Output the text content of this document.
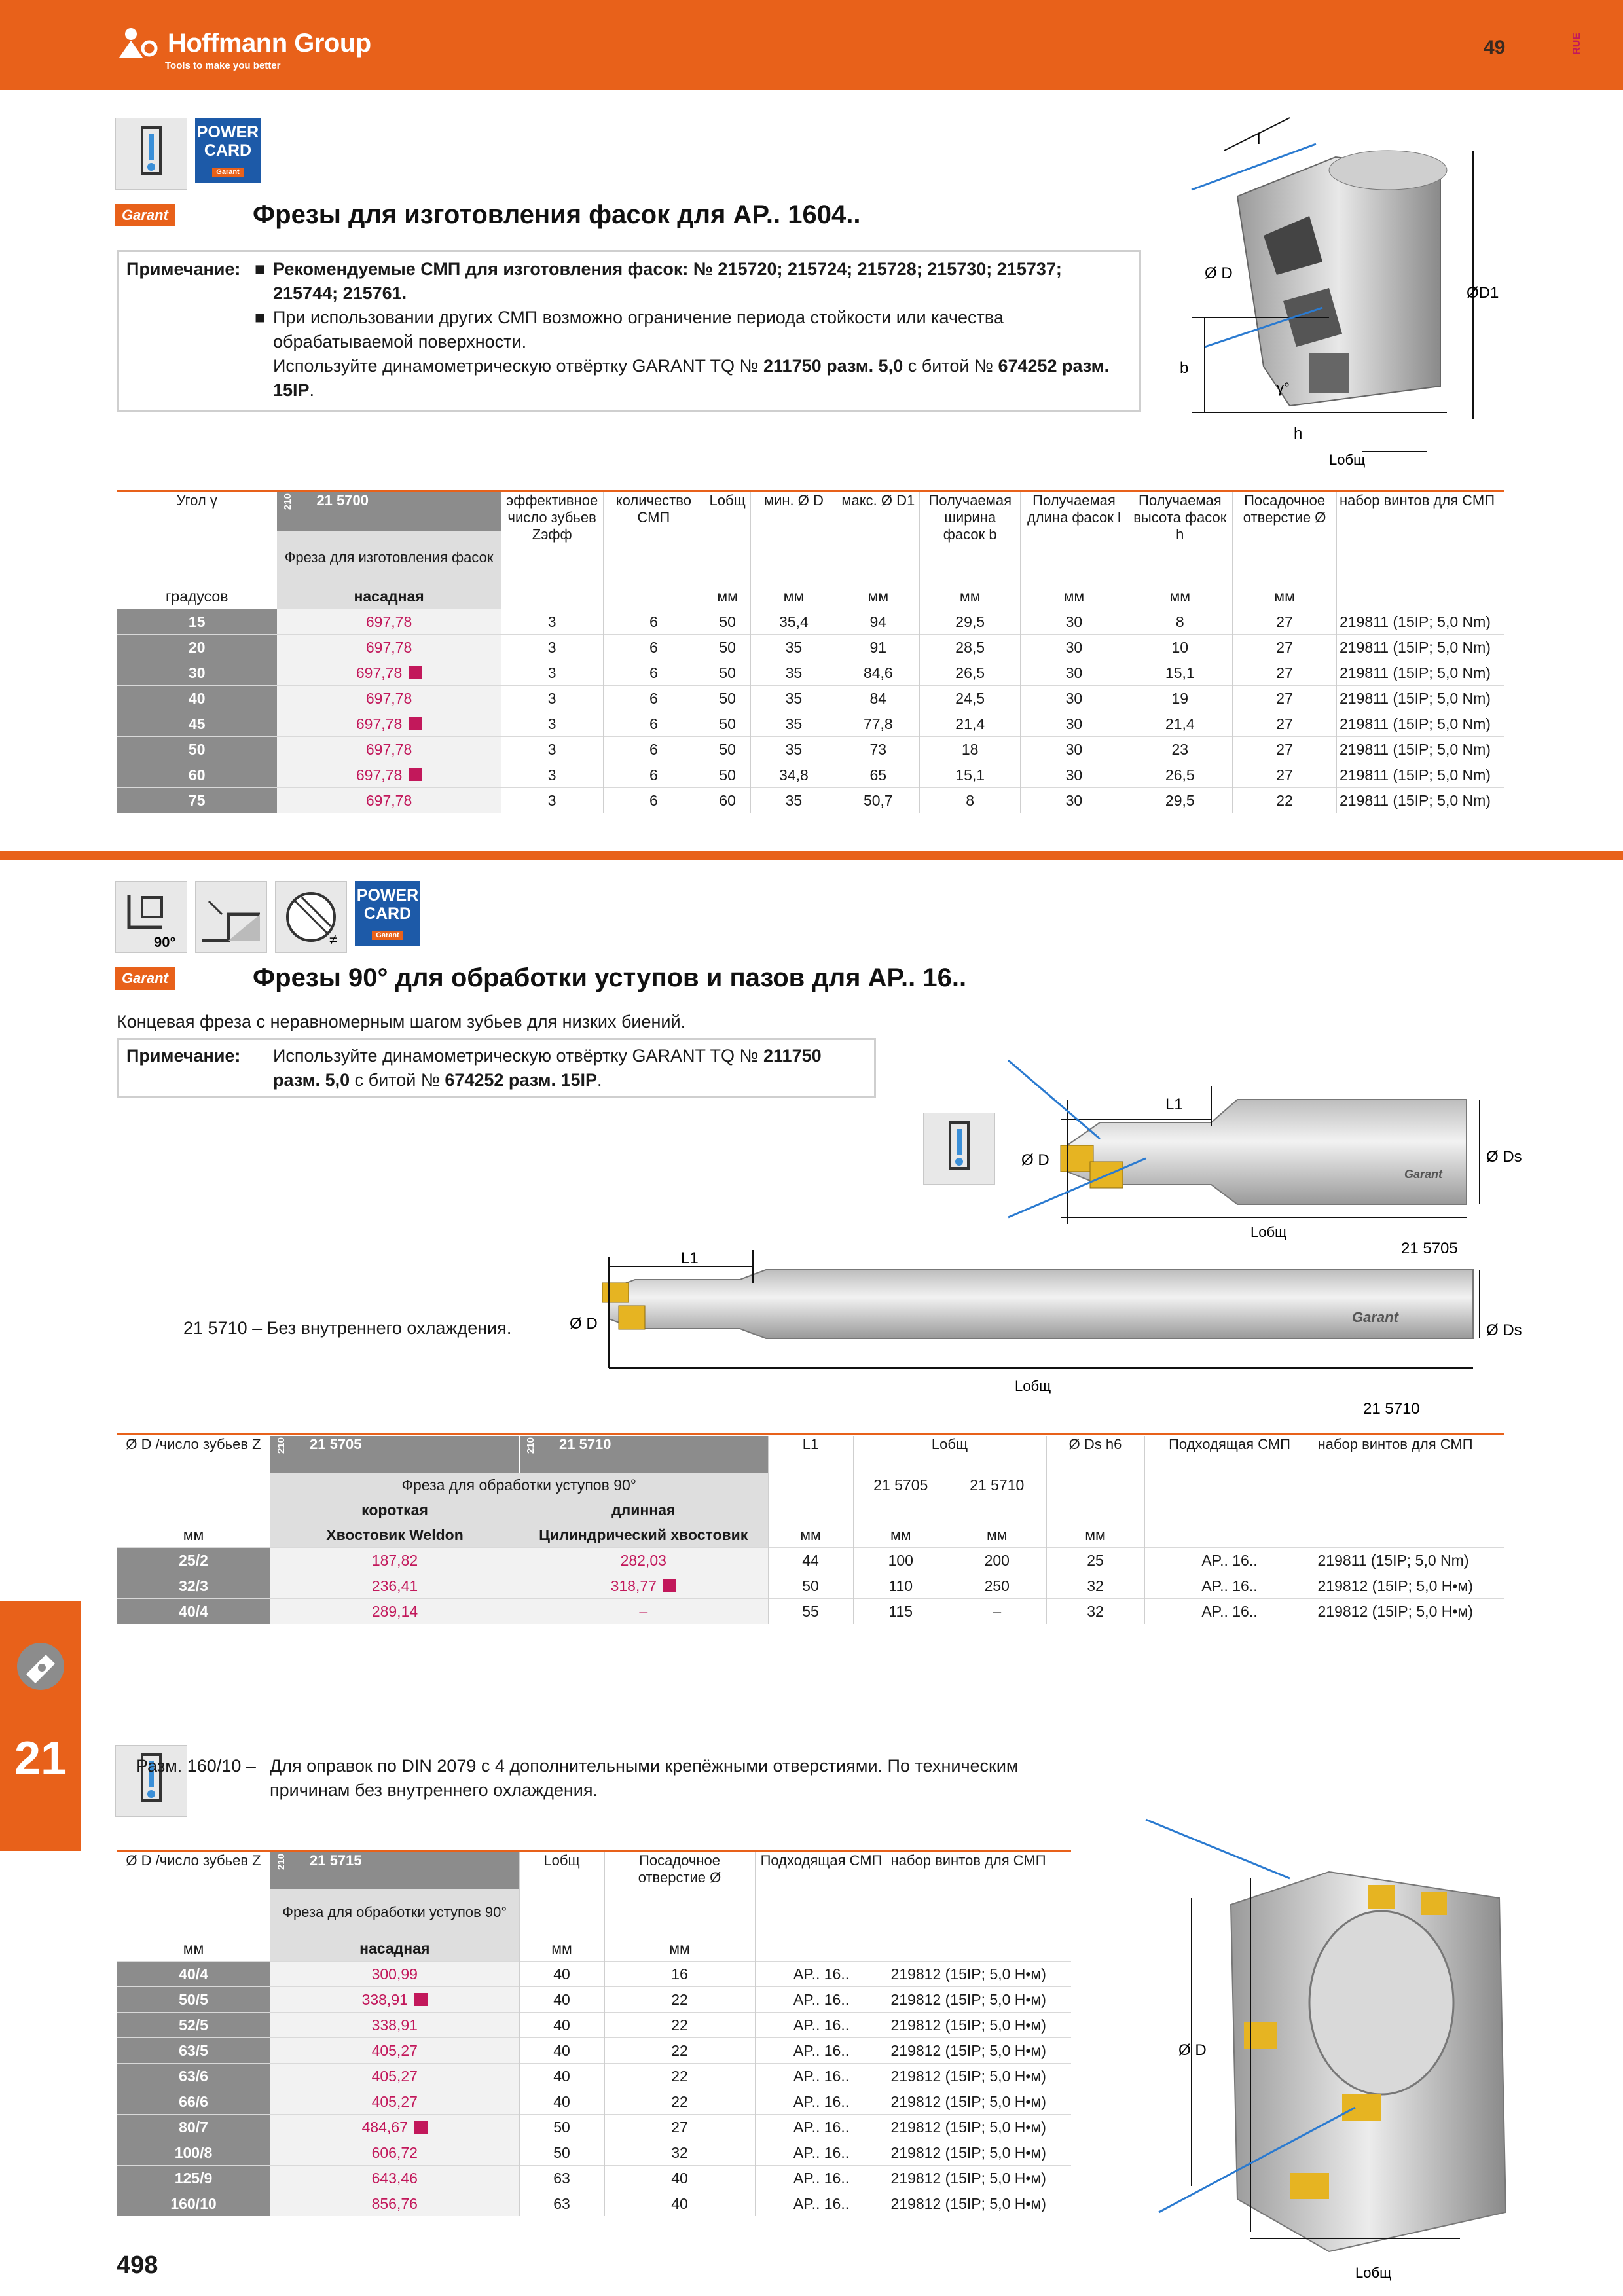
Hoffmann Group
Tools to make you better
49	RUE
21
POWER
CARD
Garant
Garant	Фрезы для изготовления фасок для AP.. 1604..
Примечание: ■ Рекомендуемые СМП для изготовления фасок: № 215720; 215724; 215728; 215730; 215737; 215744; 215761.
■ При использовании других СМП возможно ограничение периода стойкости или качества обрабатываемой поверхности.
Используйте динамометрическую отвёртку GARANT TQ № 211750 разм. 5,0 с битой № 674252 разм. 15IP.
l
Ø D
ØD1
b
γ°
h
Lобщ
Угол γ	210 21 5700	эффективное число зубьев Zэфф	количество СМП	Lобщ	мин. Ø D	макс. Ø D1	Получаемая ширина фасок b	Получаемая длина фасок l	Получаемая высота фасок h	Посадочное отверстие Ø	набор винтов для СМП
	Фреза для изготовления фасок										
градусов	насадная			мм	мм	мм	мм	мм	мм	мм	
15	697,78	3	6	50	35,4	94	29,5	30	8	27	219811 (15IP; 5,0 Nm)
20	697,78	3	6	50	35	91	28,5	30	10	27	219811 (15IP; 5,0 Nm)
30	697,78	3	6	50	35	84,6	26,5	30	15,1	27	219811 (15IP; 5,0 Nm)
40	697,78	3	6	50	35	84	24,5	30	19	27	219811 (15IP; 5,0 Nm)
45	697,78	3	6	50	35	77,8	21,4	30	21,4	27	219811 (15IP; 5,0 Nm)
50	697,78	3	6	50	35	73	18	30	23	27	219811 (15IP; 5,0 Nm)
60	697,78	3	6	50	34,8	65	15,1	30	26,5	27	219811 (15IP; 5,0 Nm)
75	697,78	3	6	60	35	50,7	8	30	29,5	22	219811 (15IP; 5,0 Nm)
90°	≠
POWER
CARD
Garant
Garant	Фрезы 90° для обработки уступов и пазов для AP.. 16..
Концевая фреза с неравномерным шагом зубьев для низких биений.
Примечание: Используйте динамометрическую отвёртку GARANT TQ № 211750 разм. 5,0 с битой № 674252 разм. 15IP.
L1
Ø D	Ø Ds
Lобщ
21 5705
Garant
L1
Ø D	Ø Ds
Lобщ
21 5710
Garant
21 5710 – Без внутреннего охлаждения.
Ø D /число зубьев Z	210 21 5705	210 21 5710	L1	Lобщ		Ø Ds h6	Подходящая СМП	набор винтов для СМП
	Фреза для обработки уступов 90°			21 5705	21 5710			
	короткая	длинная						
мм	Хвостовик Weldon	Цилиндрический хвостовик	мм	мм	мм	мм		
25/2	187,82	282,03	44	100	200	25	AP.. 16..	219811 (15IP; 5,0 Nm)
32/3	236,41	318,77	50	110	250	32	AP.. 16..	219812 (15IP; 5,0 Н•м)
40/4	289,14	–	55	115	–	32	AP.. 16..	219812 (15IP; 5,0 Н•м)
Разм. 160/10 – Для оправок по DIN 2079 с 4 дополнительными крепёжными отверстиями. По техническим причинам без внутреннего охлаждения.
Ø D
Lобщ
Ø D /число зубьев Z	210 21 5715	Lобщ	Посадочное отверстие Ø	Подходящая СМП	набор винтов для СМП
	Фреза для обработки уступов 90°				
мм	насадная	мм	мм		
40/4	300,99	40	16	AP.. 16..	219812 (15IP; 5,0 Н•м)
50/5	338,91	40	22	AP.. 16..	219812 (15IP; 5,0 Н•м)
52/5	338,91	40	22	AP.. 16..	219812 (15IP; 5,0 Н•м)
63/5	405,27	40	22	AP.. 16..	219812 (15IP; 5,0 Н•м)
63/6	405,27	40	22	AP.. 16..	219812 (15IP; 5,0 Н•м)
66/6	405,27	40	22	AP.. 16..	219812 (15IP; 5,0 Н•м)
80/7	484,67	50	27	AP.. 16..	219812 (15IP; 5,0 Н•м)
100/8	606,72	50	32	AP.. 16..	219812 (15IP; 5,0 Н•м)
125/9	643,46	63	40	AP.. 16..	219812 (15IP; 5,0 Н•м)
160/10	856,76	63	40	AP.. 16..	219812 (15IP; 5,0 Н•м)
498
